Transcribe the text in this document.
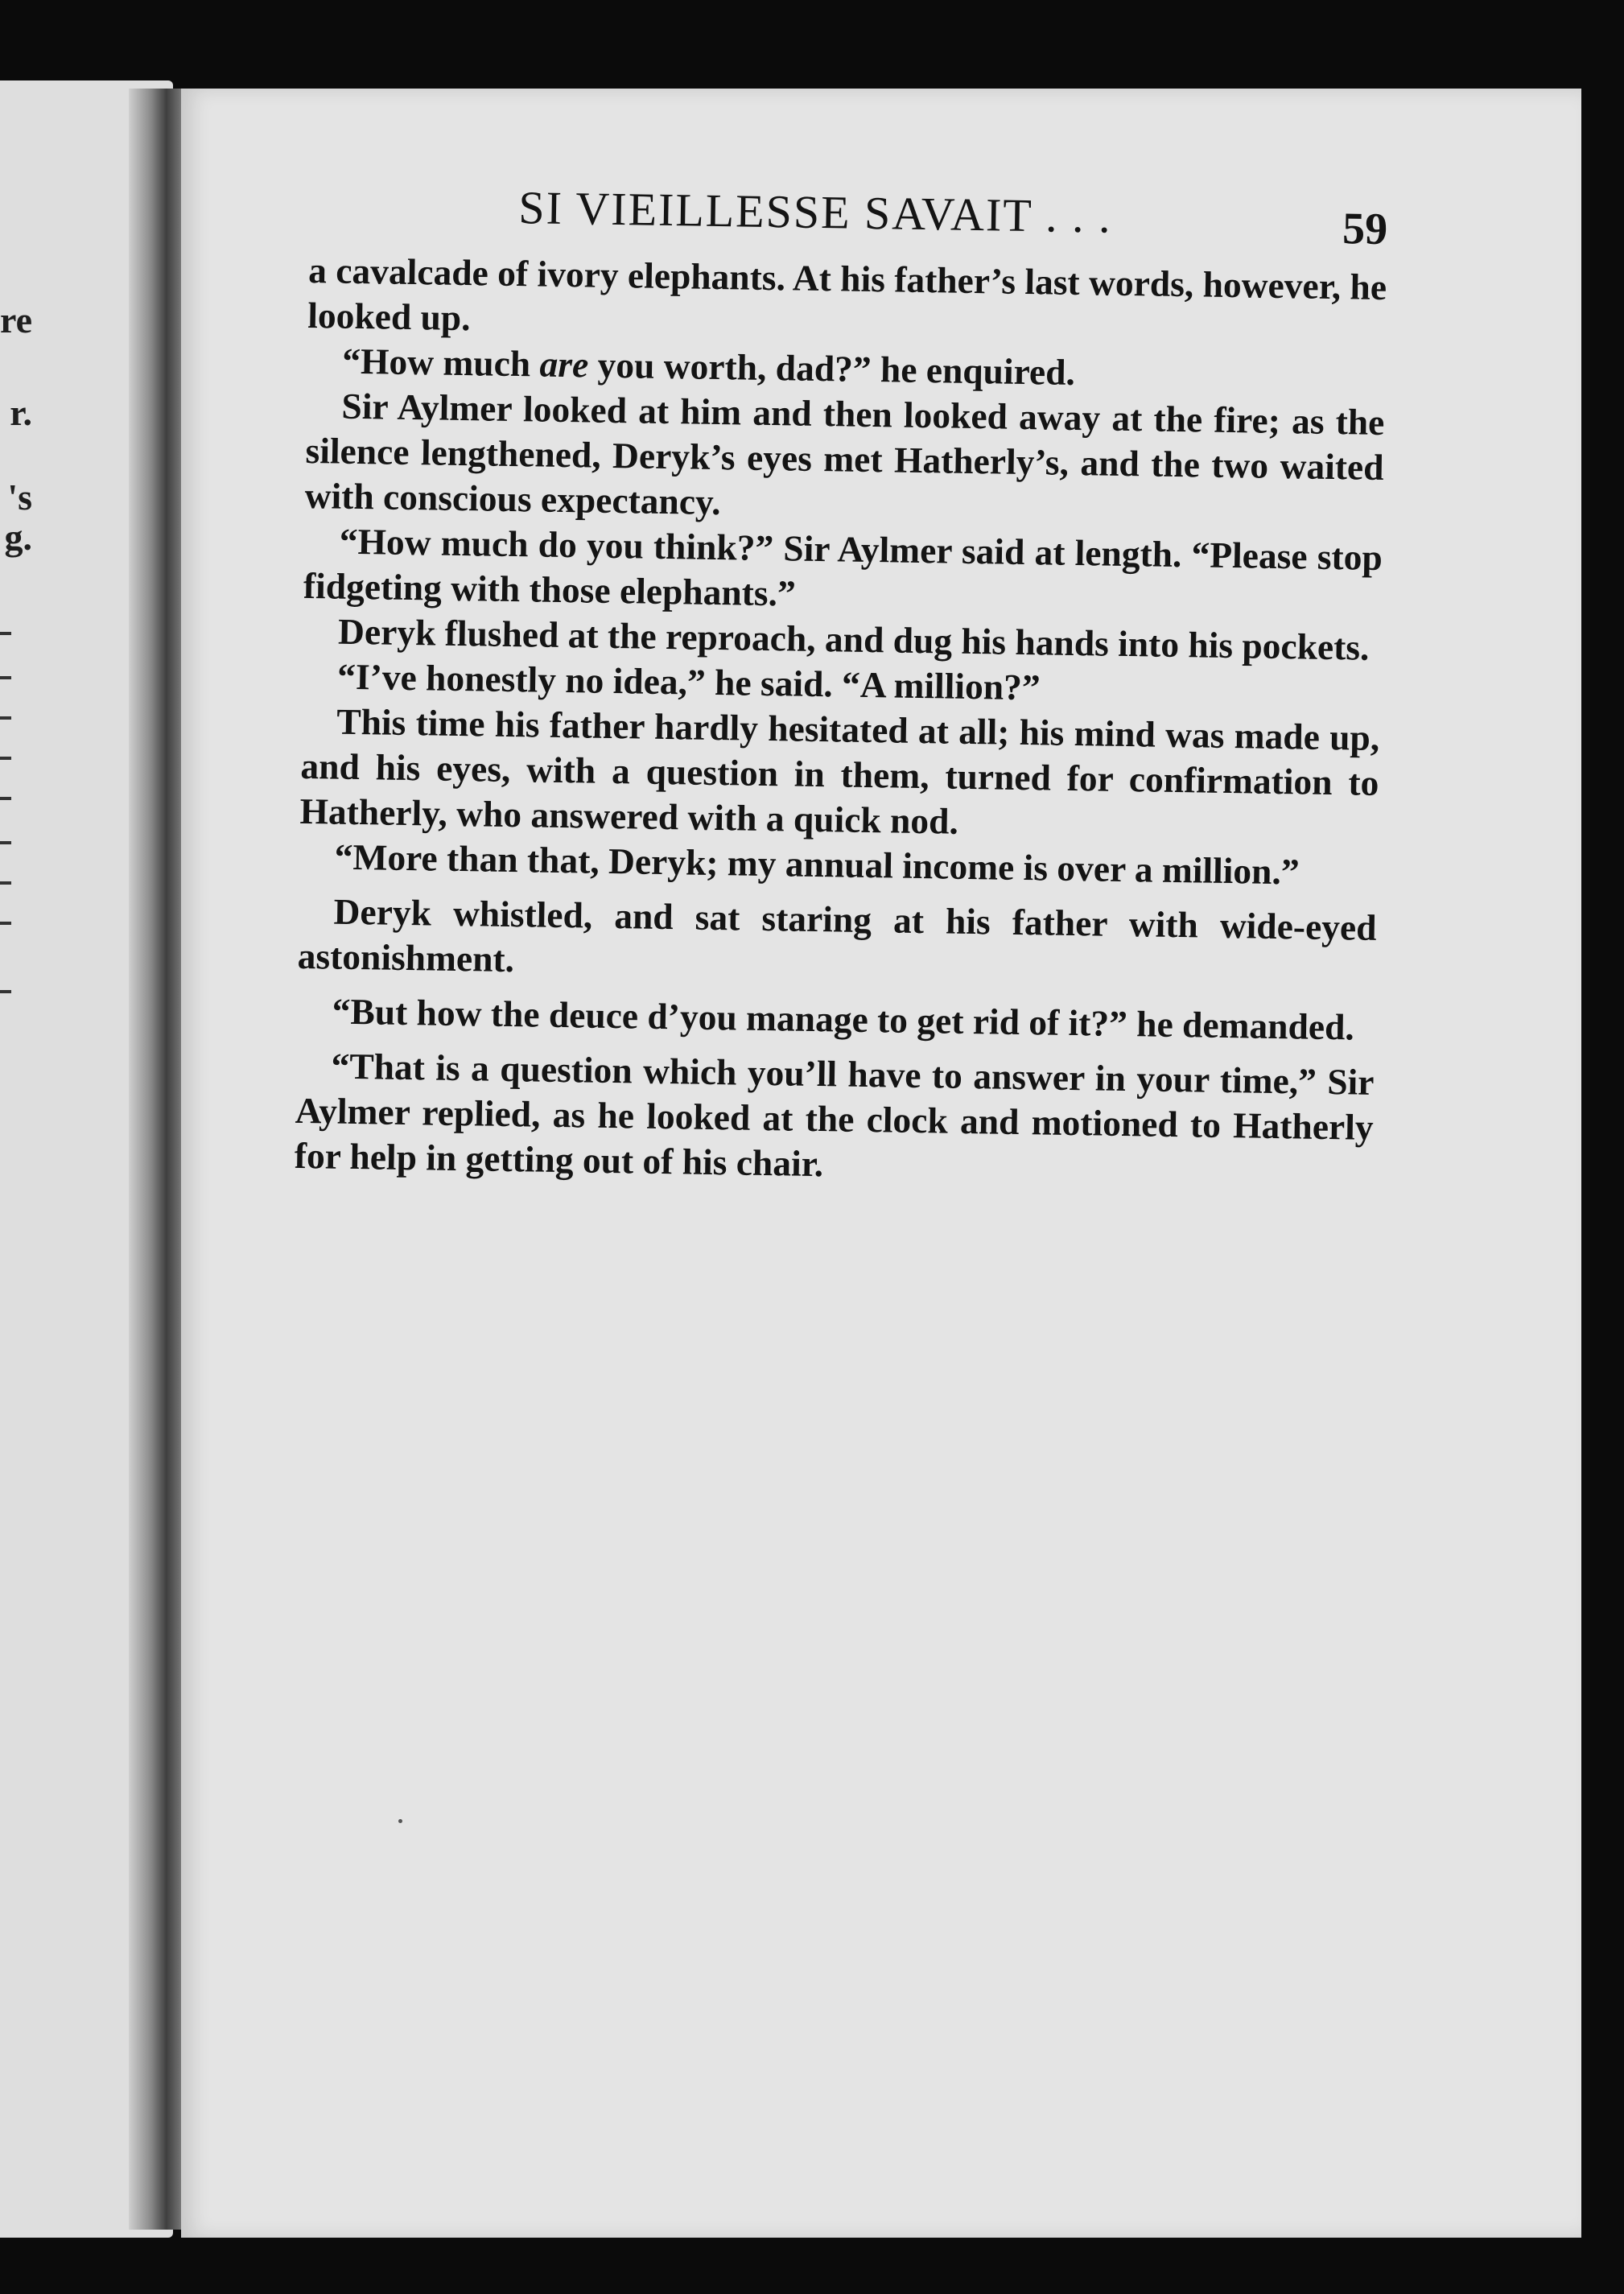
re
r.
's
g.
SI VIEILLESSE SAVAIT . . .	59

a cavalcade of ivory elephants. At his father’s last words, however, he looked up.

“How much are you worth, dad?” he enquired.

Sir Aylmer looked at him and then looked away at the fire; as the silence lengthened, Deryk’s eyes met Hatherly’s, and the two waited with conscious expectancy.

“How much do you think?” Sir Aylmer said at length. “Please stop fidgeting with those elephants.”

Deryk flushed at the reproach, and dug his hands into his pockets.

“I’ve honestly no idea,” he said. “A million?”

This time his father hardly hesitated at all; his mind was made up, and his eyes, with a question in them, turned for confirmation to Hatherly, who answered with a quick nod.

“More than that, Deryk; my annual income is over a million.”

Deryk whistled, and sat staring at his father with wide-eyed astonishment.

“But how the deuce d’you manage to get rid of it?” he demanded.

“That is a question which you’ll have to answer in your time,” Sir Aylmer replied, as he looked at the clock and motioned to Hatherly for help in getting out of his chair.
